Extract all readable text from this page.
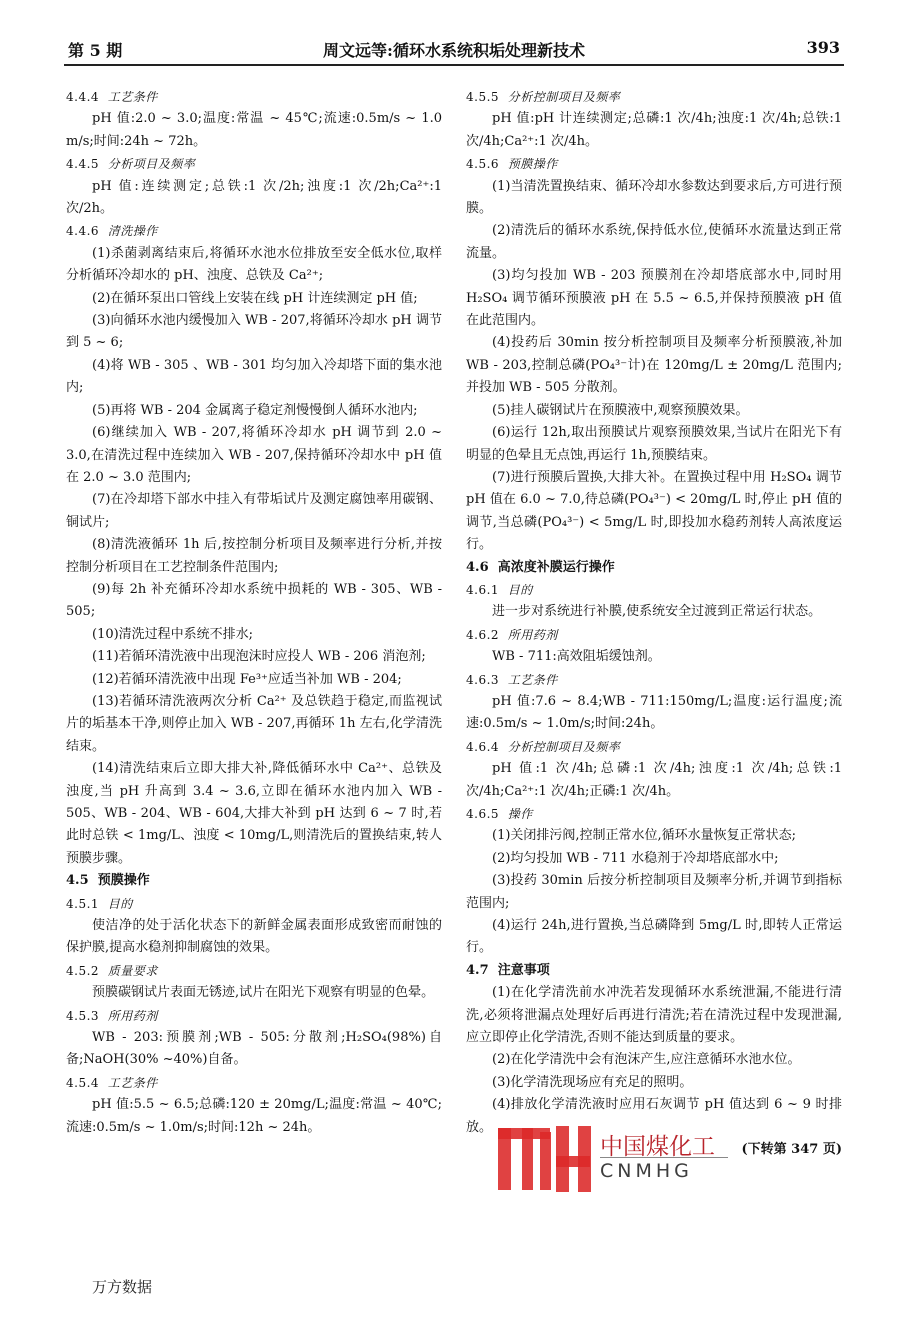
第 5 期	周文远等:循环水系统积垢处理新技术	393

4.4.4 工艺条件

pH 值:2.0 ~ 3.0;温度:常温 ~ 45℃;流速:0.5m/s ~ 1.0 m/s;时间:24h ~ 72h。

4.4.5 分析项目及频率

pH 值:连续测定;总铁:1 次/2h;浊度:1 次/2h;Ca²⁺:1 次/2h。

4.4.6 清洗操作

(1)杀菌剥离结束后,将循环水池水位排放至安全低水位,取样分析循环冷却水的 pH、浊度、总铁及 Ca²⁺;

(2)在循环泵出口管线上安装在线 pH 计连续测定 pH 值;

(3)向循环水池内缓慢加入 WB - 207,将循环冷却水 pH 调节到 5 ~ 6;

(4)将 WB - 305 、WB - 301 均匀加入冷却塔下面的集水池内;

(5)再将 WB - 204 金属离子稳定剂慢慢倒人循环水池内;

(6)继续加入 WB - 207,将循环冷却水 pH 调节到 2.0 ~ 3.0,在清洗过程中连续加入 WB - 207,保持循环冷却水中 pH 值在 2.0 ~ 3.0 范围内;

(7)在冷却塔下部水中挂入有带垢试片及测定腐蚀率用碳钢、铜试片;

(8)清洗液循环 1h 后,按控制分析项目及频率进行分析,并按控制分析项目在工艺控制条件范围内;

(9)每 2h 补充循环冷却水系统中损耗的 WB - 305、WB - 505;

(10)清洗过程中系统不排水;

(11)若循环清洗液中出现泡沫时应投人 WB - 206 消泡剂;

(12)若循环清洗液中出现 Fe³⁺应适当补加 WB - 204;

(13)若循环清洗液两次分析 Ca²⁺ 及总铁趋于稳定,而监视试片的垢基本干净,则停止加入 WB - 207,再循环 1h 左右,化学清洗结束。

(14)清洗结束后立即大排大补,降低循环水中 Ca²⁺、总铁及浊度,当 pH 升高到 3.4 ~ 3.6,立即在循环水池内加入 WB - 505、WB - 204、WB - 604,大排大补到 pH 达到 6 ~ 7 时,若此时总铁 < 1mg/L、浊度 < 10mg/L,则清洗后的置换结束,转人预膜步骤。

4.5 预膜操作

4.5.1 目的

使洁净的处于活化状态下的新鲜金属表面形成致密而耐蚀的保护膜,提高水稳剂抑制腐蚀的效果。

4.5.2 质量要求

预膜碳钢试片表面无锈迹,试片在阳光下观察有明显的色晕。

4.5.3 所用药剂

WB - 203:预膜剂;WB - 505:分散剂;H₂SO₄(98%)自备;NaOH(30% ~40%)自备。

4.5.4 工艺条件

pH 值:5.5 ~ 6.5;总磷:120 ± 20mg/L;温度:常温 ~ 40℃;流速:0.5m/s ~ 1.0m/s;时间:12h ~ 24h。

4.5.5 分析控制项目及频率

pH 值:pH 计连续测定;总磷:1 次/4h;浊度:1 次/4h;总铁:1 次/4h;Ca²⁺:1 次/4h。

4.5.6 预膜操作

(1)当清洗置换结束、循环冷却水参数达到要求后,方可进行预膜。

(2)清洗后的循环水系统,保持低水位,使循环水流量达到正常流量。

(3)均匀投加 WB - 203 预膜剂在冷却塔底部水中,同时用 H₂SO₄ 调节循环预膜液 pH 在 5.5 ~ 6.5,并保持预膜液 pH 值在此范围内。

(4)投药后 30min 按分析控制项目及频率分析预膜液,补加 WB - 203,控制总磷(PO₄³⁻计)在 120mg/L ± 20mg/L 范围内;并投加 WB - 505 分散剂。

(5)挂人碳钢试片在预膜液中,观察预膜效果。

(6)运行 12h,取出预膜试片观察预膜效果,当试片在阳光下有明显的色晕且无点蚀,再运行 1h,预膜结束。

(7)进行预膜后置换,大排大补。在置换过程中用 H₂SO₄ 调节 pH 值在 6.0 ~ 7.0,待总磷(PO₄³⁻) < 20mg/L 时,停止 pH 值的调节,当总磷(PO₄³⁻) < 5mg/L 时,即投加水稳药剂转人高浓度运行。

4.6 高浓度补膜运行操作

4.6.1 目的

进一步对系统进行补膜,使系统安全过渡到正常运行状态。

4.6.2 所用药剂

WB - 711:高效阻垢缓蚀剂。

4.6.3 工艺条件

pH 值:7.6 ~ 8.4;WB - 711:150mg/L;温度:运行温度;流速:0.5m/s ~ 1.0m/s;时间:24h。

4.6.4 分析控制项目及频率

pH 值:1 次/4h;总磷:1 次/4h;浊度:1 次/4h;总铁:1 次/4h;Ca²⁺:1 次/4h;正磷:1 次/4h。

4.6.5 操作

(1)关闭排污阀,控制正常水位,循环水量恢复正常状态;

(2)均匀投加 WB - 711 水稳剂于冷却塔底部水中;

(3)投药 30min 后按分析控制项目及频率分析,并调节到指标范围内;

(4)运行 24h,进行置换,当总磷降到 5mg/L 时,即转人正常运行。

4.7 注意事项

(1)在化学清洗前水冲洗若发现循环水系统泄漏,不能进行清洗,必须将泄漏点处理好后再进行清洗;若在清洗过程中发现泄漏,应立即停止化学清洗,否则不能达到质量的要求。

(2)在化学清洗中会有泡沫产生,应注意循环水池水位。

(3)化学清洗现场应有充足的照明。

(4)排放化学清洗液时应用石灰调节 pH 值达到 6 ~ 9 时排放。

(下转第 347 页)

中国煤化工
CNMHG
万方数据
